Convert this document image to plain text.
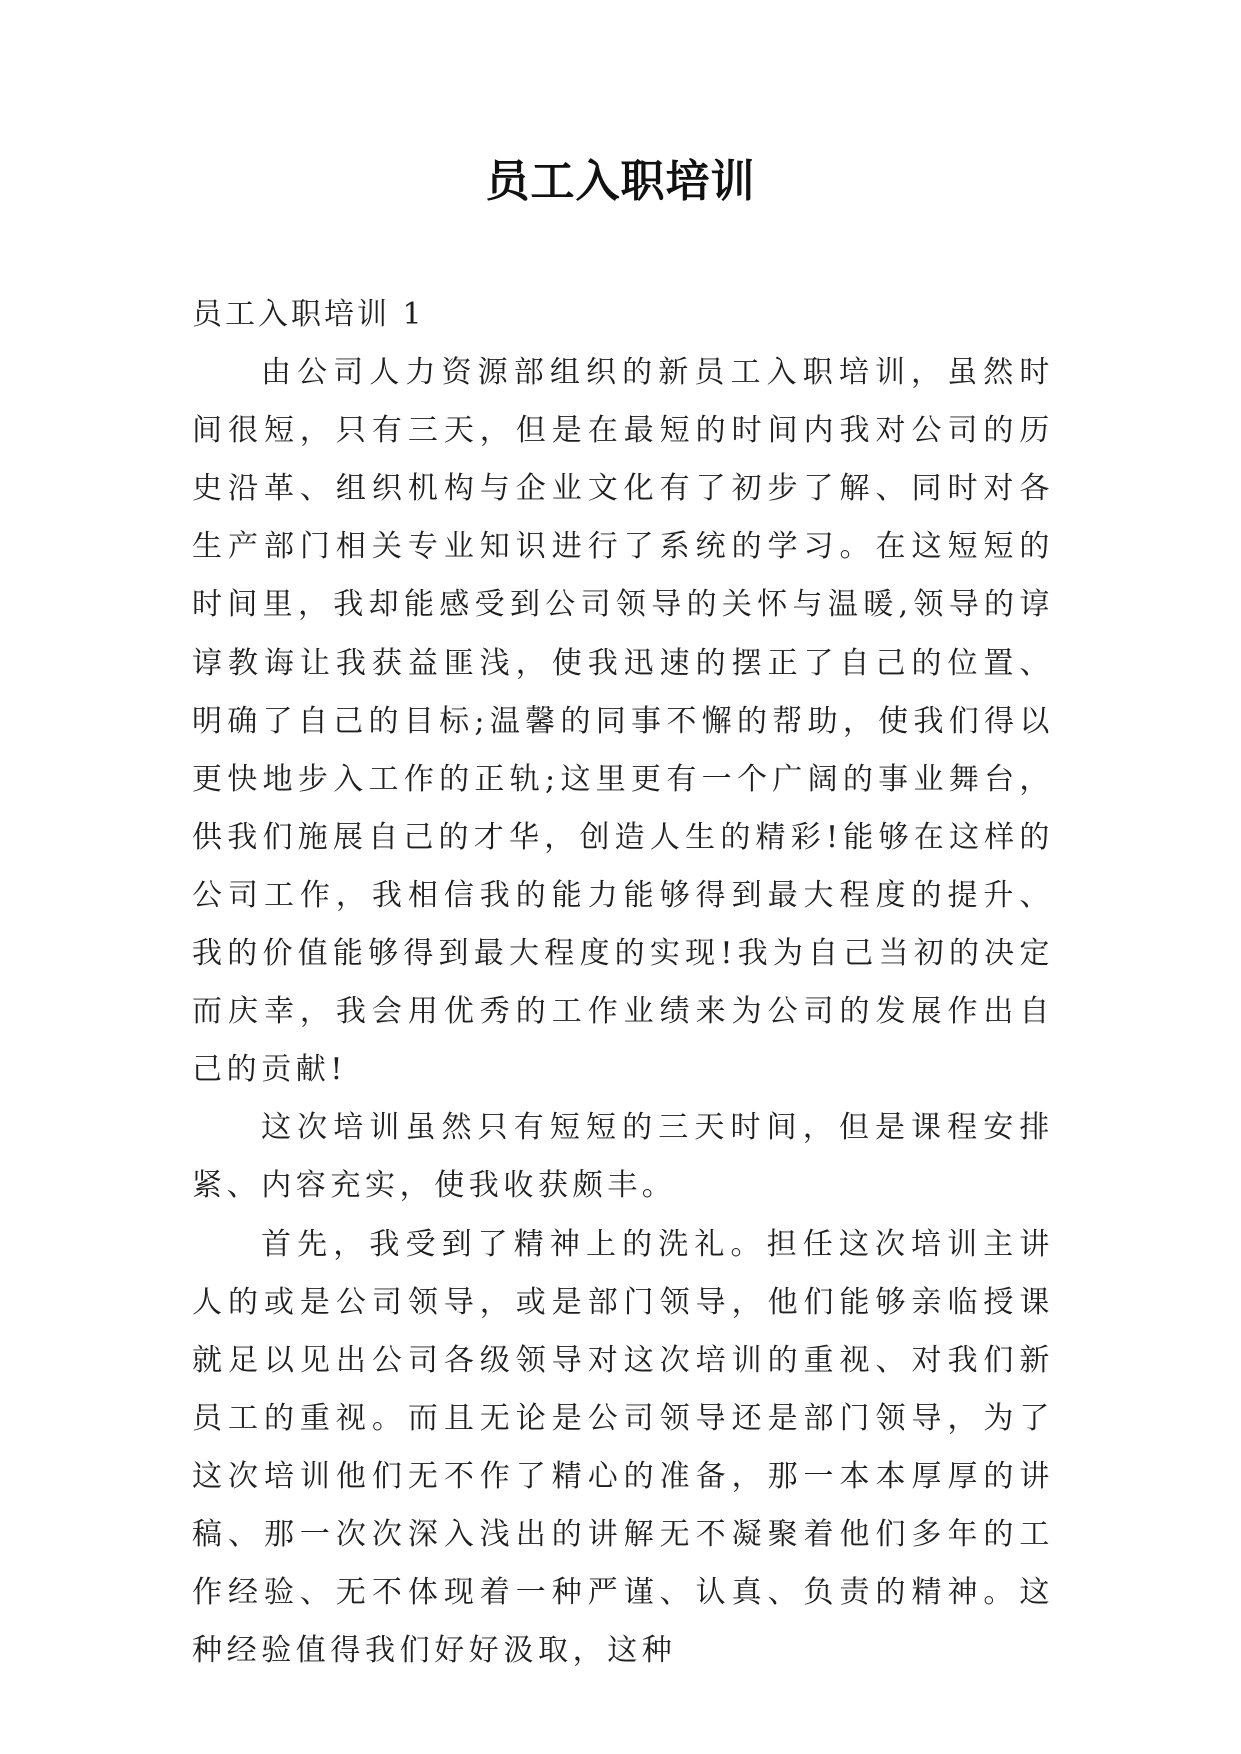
员工入职培训

员工入职培训 1

由公司人力资源部组织的新员工入职培训，虽然时间很短，只有三天，但是在最短的时间内我对公司的历史沿革、组织机构与企业文化有了初步了解、同时对各生产部门相关专业知识进行了系统的学习。在这短短的时间里，我却能感受到公司领导的关怀与温暖,领导的谆谆教诲让我获益匪浅，使我迅速的摆正了自己的位置、明确了自己的目标;温馨的同事不懈的帮助，使我们得以更快地步入工作的正轨;这里更有一个广阔的事业舞台，供我们施展自己的才华，创造人生的精彩!能够在这样的公司工作，我相信我的能力能够得到最大程度的提升、我的价值能够得到最大程度的实现!我为自己当初的决定而庆幸，我会用优秀的工作业绩来为公司的发展作出自己的贡献!

这次培训虽然只有短短的三天时间，但是课程安排紧、内容充实，使我收获颇丰。

首先，我受到了精神上的洗礼。担任这次培训主讲人的或是公司领导，或是部门领导，他们能够亲临授课就足以见出公司各级领导对这次培训的重视、对我们新员工的重视。而且无论是公司领导还是部门领导，为了这次培训他们无不作了精心的准备，那一本本厚厚的讲稿、那一次次深入浅出的讲解无不凝聚着他们多年的工作经验、无不体现着一种严谨、认真、负责的精神。这种经验值得我们好好汲取，这种
